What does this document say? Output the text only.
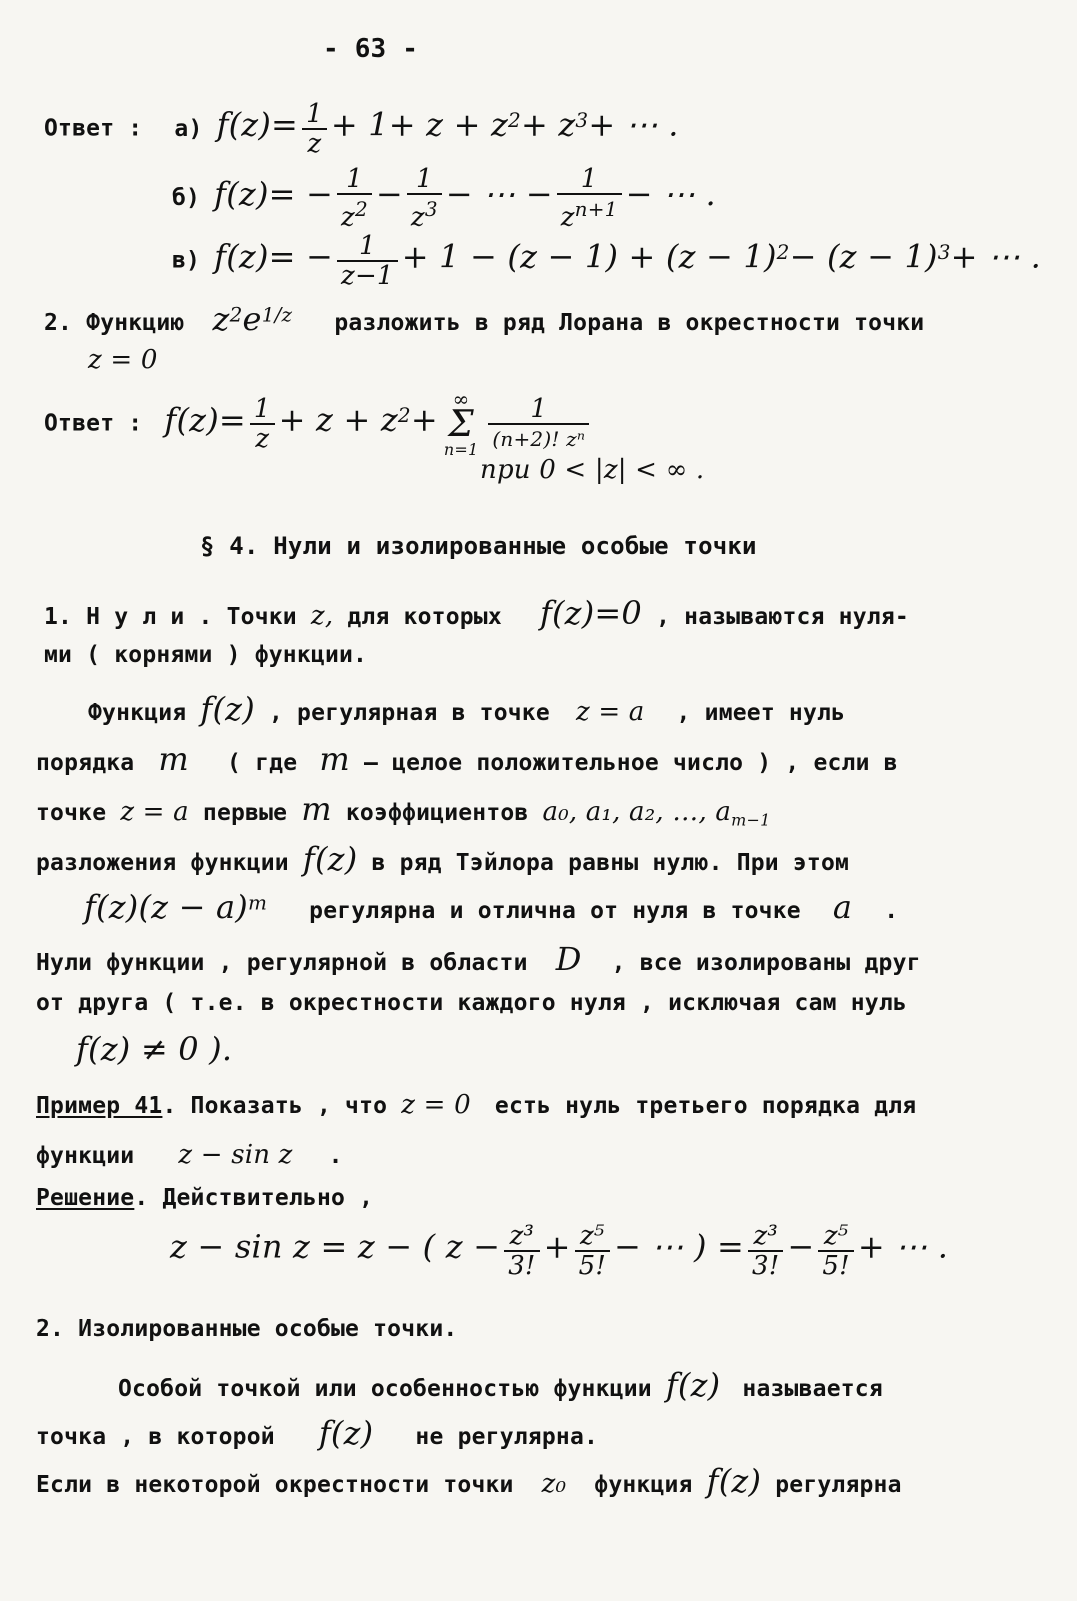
- 63 -
Ответ : а) $f(z)= \frac{1}{z} + 1+ z + z2+ z3+$ ⋯ .
б) $f(z)= - \frac{1}{z^2} - \frac{1}{z^3}$ − ⋯ − $\frac{1}{z^{n+1}}$ − ⋯ .
в) $f(z)= - \frac{1}{z-1} + 1 - (z - 1) + (z - 1)2- (z - 1)3+$ ⋯ .
2. Функцию z2e1/z разложить в ряд Лорана в окрестности точки
z = 0
Ответ : $f(z)= \frac{1}{z} + z + z2+$
∞
Σ
$n=1 \frac{1}{\text{(n+2)! zⁿ}}$
при 0 < |z| < ∞ .
§ 4. Нули и изолированные особые точки
1. Н у л и . Точки z, для которых f(z)=0 , называются нуля-
ми ( корнями ) функции.
Функция f(z) , регулярная в точке z = a , имеет нуль
порядка m ( где m – целое положительное число ) , если в
точке z = a первые m коэффициентов a₀, a₁, a₂, …, $a_{m-1}$
разложения функции f(z) в ряд Тэйлора равны нулю. При этом
f(z)(z − a)m регулярна и отлична от нуля в точке a .
Нули функции , регулярной в области D , все изолированы друг
от друга ( т.е. в окрестности каждого нуля , исключая сам нуль
f(z) ≠ 0 ).
Пример 41. Показать , что z = 0 есть нуль третьего порядка для
функции z − sin z .
Решение. Действительно ,
z − sin z = z − ( $z - \frac{\text{z³}}{3!} + \frac{\text{z⁵}}{5!}$ − ⋯ ) = $\frac{\text{z³}}{3!} - \frac{\text{z⁵}}{5!}$ + ⋯ .
2. Изолированные особые точки.
Особой точкой или особенностью функции f(z) называется
точка , в которой f(z) не регулярна.
Если в некоторой окрестности точки z₀ функция f(z) регулярна
